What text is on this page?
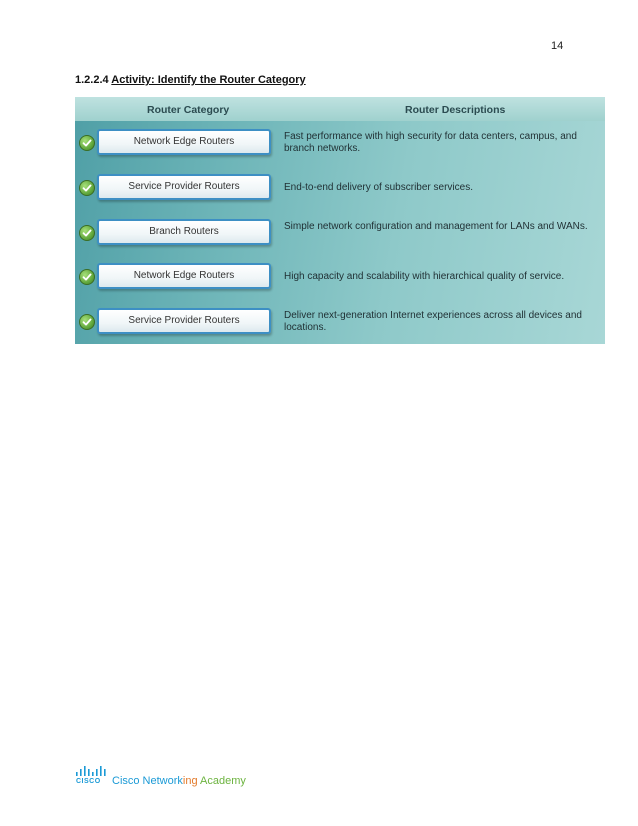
14
1.2.2.4 Activity: Identify the Router Category
Router Category	Router Descriptions
Network Edge Routers	Fast performance with high security for data centers, campus, and branch networks.
Service Provider Routers	End-to-end delivery of subscriber services.
Branch Routers	Simple network configuration and management for LANs and WANs.
Network Edge Routers	High capacity and scalability with hierarchical quality of service.
Service Provider Routers	Deliver next-generation Internet experiences across all devices and locations.
CISCO Cisco Networking Academy
